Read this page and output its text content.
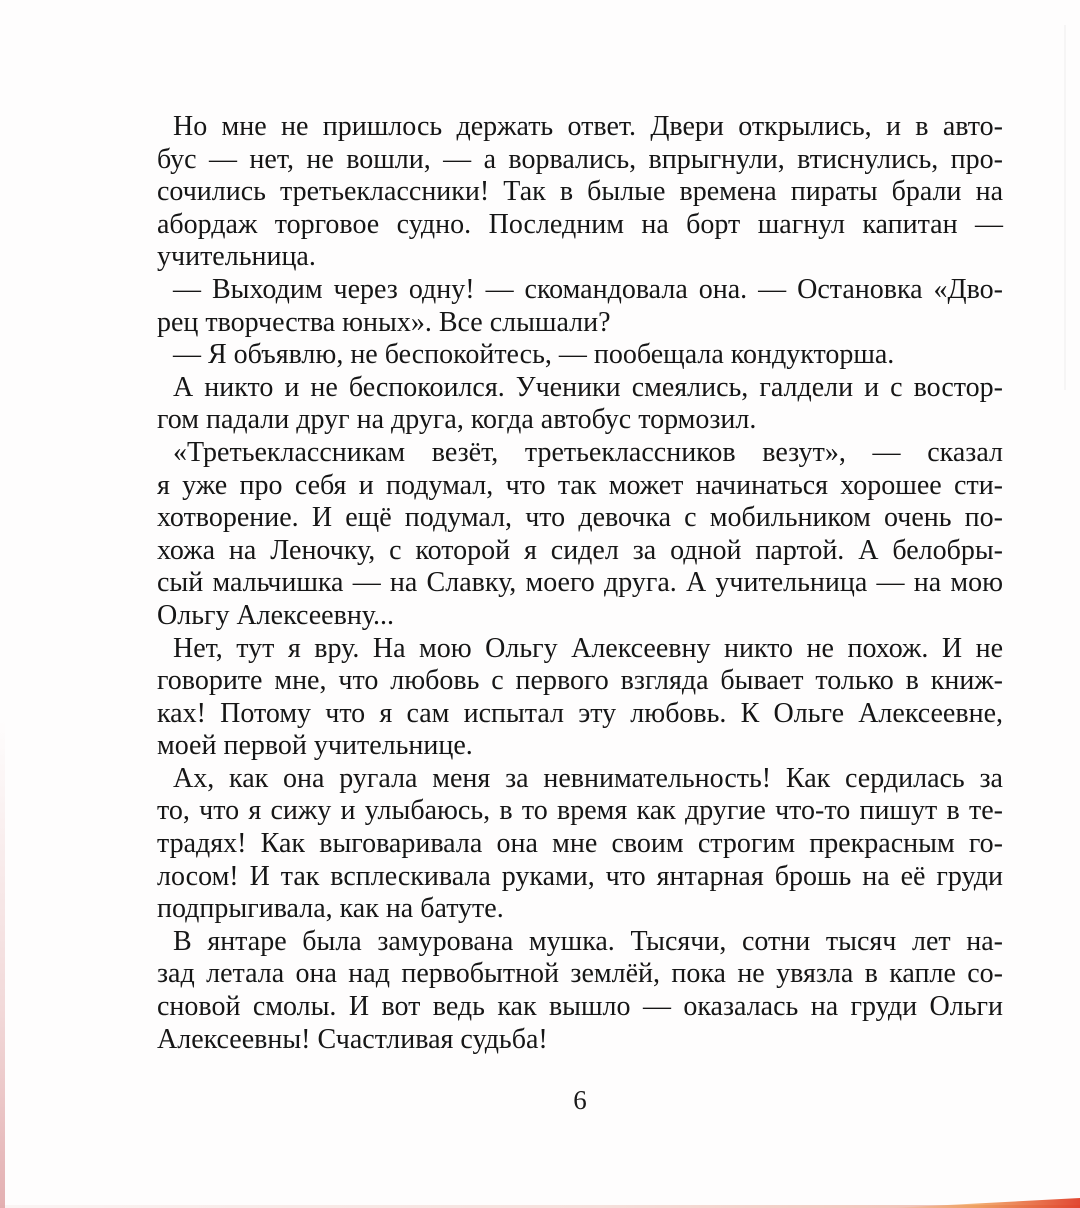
Но мне не пришлось держать ответ. Двери открылись, и в авто-
бус — нет, не вошли, — а ворвались, впрыгнули, втиснулись, про-
сочились третьеклассники! Так в былые времена пираты брали на
абордаж торговое судно. Последним на борт шагнул капитан —
учительница.
— Выходим через одну! — скомандовала она. — Остановка «Дво-
рец творчества юных». Все слышали?
— Я объявлю, не беспокойтесь, — пообещала кондукторша.
А никто и не беспокоился. Ученики смеялись, галдели и с востор-
гом падали друг на друга, когда автобус тормозил.
«Третьеклассникам везёт, третьеклассников везут», — сказал
я уже про себя и подумал, что так может начинаться хорошее сти-
хотворение. И ещё подумал, что девочка с мобильником очень по-
хожа на Леночку, с которой я сидел за одной партой. А белобры-
сый мальчишка — на Славку, моего друга. А учительница — на мою
Ольгу Алексеевну...
Нет, тут я вру. На мою Ольгу Алексеевну никто не похож. И не
говорите мне, что любовь с первого взгляда бывает только в книж-
ках! Потому что я сам испытал эту любовь. К Ольге Алексеевне,
моей первой учительнице.
Ах, как она ругала меня за невнимательность! Как сердилась за
то, что я сижу и улыбаюсь, в то время как другие что-то пишут в те-
традях! Как выговаривала она мне своим строгим прекрасным го-
лосом! И так всплескивала руками, что янтарная брошь на её груди
подпрыгивала, как на батуте.
В янтаре была замурована мушка. Тысячи, сотни тысяч лет на-
зад летала она над первобытной землёй, пока не увязла в капле со-
сновой смолы. И вот ведь как вышло — оказалась на груди Ольги
Алексеевны! Счастливая судьба!
6
